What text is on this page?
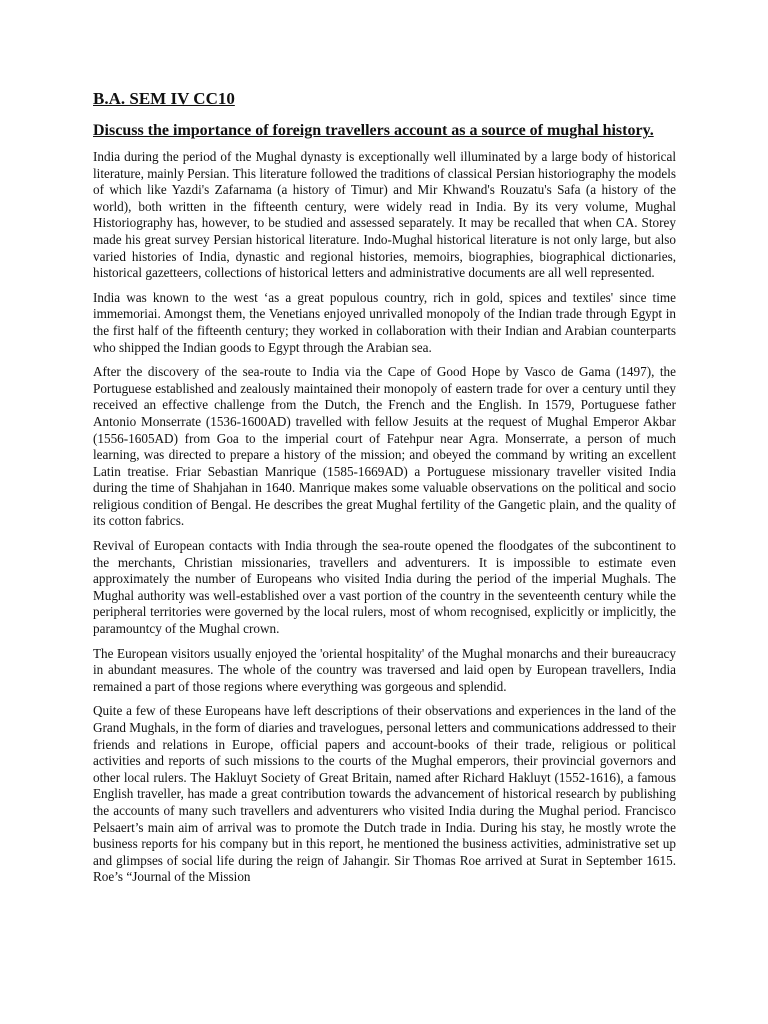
B.A. SEM IV CC10
Discuss the importance of foreign travellers account as a source of mughal history.

India during the period of the Mughal dynasty is exceptionally well illuminated by a large body of historical literature, mainly Persian. This literature followed the traditions of classical Persian historiography the models of which like Yazdi's Zafarnama (a history of Timur) and Mir Khwand's Rouzatu's Safa (a history of the world), both written in the fifteenth century, were widely read in India. By its very volume, Mughal Historiography has, however, to be studied and assessed separately. It may be recalled that when CA. Storey made his great survey Persian historical literature. Indo-Mughal historical literature is not only large, but also varied histories of India, dynastic and regional histories, memoirs, biographies, biographical dictionaries, historical gazetteers, collections of historical letters and administrative documents are all well represented.

India was known to the west ‘as a great populous country, rich in gold, spices and textiles' since time immemoriai. Amongst them, the Venetians enjoyed unrivalled monopoly of the Indian trade through Egypt in the first half of the fifteenth century; they worked in collaboration with their Indian and Arabian counterparts who shipped the Indian goods to Egypt through the Arabian sea.

After the discovery of the sea-route to India via the Cape of Good Hope by Vasco de Gama (1497), the Portuguese established and zealously maintained their monopoly of eastern trade for over a century until they received an effective challenge from the Dutch, the French and the English. In 1579, Portuguese father Antonio Monserrate (1536-1600AD) travelled with fellow Jesuits at the request of Mughal Emperor Akbar (1556-1605AD) from Goa to the imperial court of Fatehpur near Agra. Monserrate, a person of much learning, was directed to prepare a history of the mission; and obeyed the command by writing an excellent Latin treatise. Friar Sebastian Manrique (1585-1669AD) a Portuguese missionary traveller visited India during the time of Shahjahan in 1640. Manrique makes some valuable observations on the political and socio religious condition of Bengal. He describes the great Mughal fertility of the Gangetic plain, and the quality of its cotton fabrics.

Revival of European contacts with India through the sea-route opened the floodgates of the subcontinent to the merchants, Christian missionaries, travellers and adventurers. It is impossible to estimate even approximately the number of Europeans who visited India during the period of the imperial Mughals. The Mughal authority was well-established over a vast portion of the country in the seventeenth century while the peripheral territories were governed by the local rulers, most of whom recognised, explicitly or implicitly, the paramountcy of the Mughal crown.

The European visitors usually enjoyed the 'oriental hospitality' of the Mughal monarchs and their bureaucracy in abundant measures. The whole of the country was traversed and laid open by European travellers, India remained a part of those regions where everything was gorgeous and splendid.

Quite a few of these Europeans have left descriptions of their observations and experiences in the land of the Grand Mughals, in the form of diaries and travelogues, personal letters and communications addressed to their friends and relations in Europe, official papers and account-books of their trade, religious or political activities and reports of such missions to the courts of the Mughal emperors, their provincial governors and other local rulers. The Hakluyt Society of Great Britain, named after Richard Hakluyt (1552-1616), a famous English traveller, has made a great contribution towards the advancement of historical research by publishing the accounts of many such travellers and adventurers who visited India during the Mughal period. Francisco Pelsaert’s main aim of arrival was to promote the Dutch trade in India. During his stay, he mostly wrote the business reports for his company but in this report, he mentioned the business activities, administrative set up and glimpses of social life during the reign of Jahangir. Sir Thomas Roe arrived at Surat in September 1615. Roe’s “Journal of the Mission
